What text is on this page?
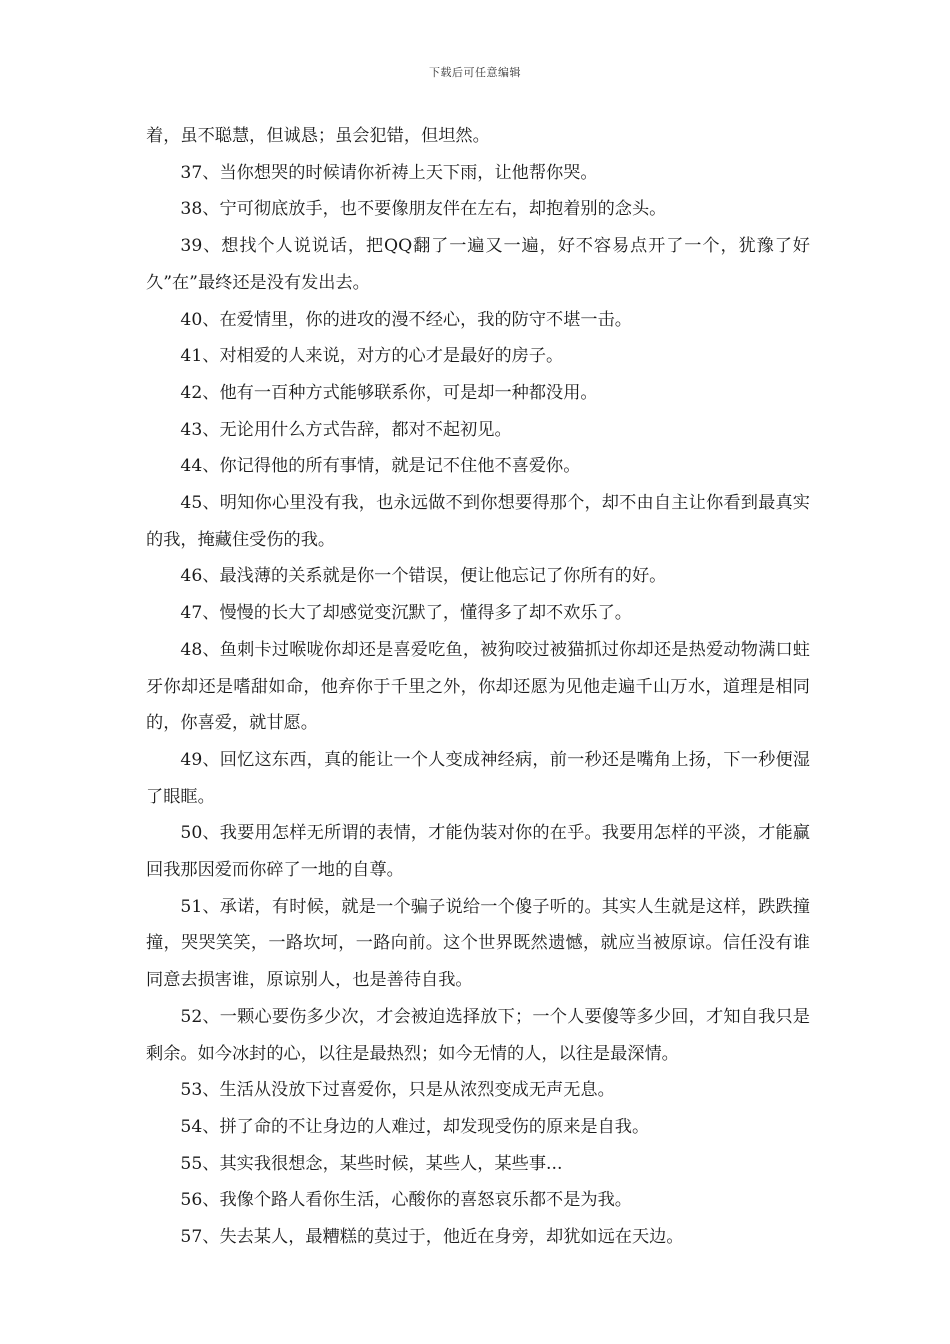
下载后可任意编辑

着，虽不聪慧，但诚恳；虽会犯错，但坦然。

37、当你想哭的时候请你祈祷上天下雨，让他帮你哭。

38、宁可彻底放手，也不要像朋友伴在左右，却抱着别的念头。

39、想找个人说说话，把QQ翻了一遍又一遍，好不容易点开了一个，犹豫了好久”在”最终还是没有发出去。

40、在爱情里，你的进攻的漫不经心，我的防守不堪一击。

41、对相爱的人来说，对方的心才是最好的房子。

42、他有一百种方式能够联系你，可是却一种都没用。

43、无论用什么方式告辞，都对不起初见。

44、你记得他的所有事情，就是记不住他不喜爱你。

45、明知你心里没有我，也永远做不到你想要得那个，却不由自主让你看到最真实的我，掩藏住受伤的我。

46、最浅薄的关系就是你一个错误，便让他忘记了你所有的好。

47、慢慢的长大了却感觉变沉默了，懂得多了却不欢乐了。

48、鱼刺卡过喉咙你却还是喜爱吃鱼，被狗咬过被猫抓过你却还是热爱动物满口蛀牙你却还是嗜甜如命，他弃你于千里之外，你却还愿为见他走遍千山万水，道理是相同的，你喜爱，就甘愿。

49、回忆这东西，真的能让一个人变成神经病，前一秒还是嘴角上扬，下一秒便湿了眼眶。

50、我要用怎样无所谓的表情，才能伪装对你的在乎。我要用怎样的平淡，才能赢回我那因爱而你碎了一地的自尊。

51、承诺，有时候，就是一个骗子说给一个傻子听的。其实人生就是这样，跌跌撞撞，哭哭笑笑，一路坎坷，一路向前。这个世界既然遗憾，就应当被原谅。信任没有谁同意去损害谁，原谅别人，也是善待自我。

52、一颗心要伤多少次，才会被迫选择放下；一个人要傻等多少回，才知自我只是剩余。如今冰封的心，以往是最热烈；如今无情的人，以往是最深情。

53、生活从没放下过喜爱你，只是从浓烈变成无声无息。

54、拼了命的不让身边的人难过，却发现受伤的原来是自我。

55、其实我很想念，某些时候，某些人，某些事...

56、我像个路人看你生活，心酸你的喜怒哀乐都不是为我。

57、失去某人，最糟糕的莫过于，他近在身旁，却犹如远在天边。
